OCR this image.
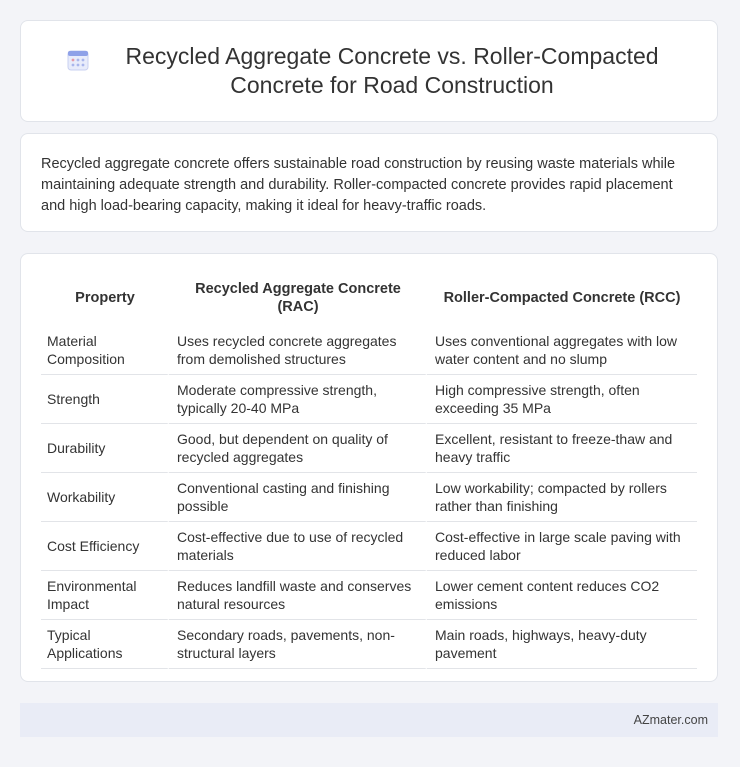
Recycled Aggregate Concrete vs. Roller-Compacted Concrete for Road Construction

Recycled aggregate concrete offers sustainable road construction by reusing waste materials while maintaining adequate strength and durability. Roller-compacted concrete provides rapid placement and high load-bearing capacity, making it ideal for heavy-traffic roads.

Property	Recycled Aggregate Concrete (RAC)	Roller-Compacted Concrete (RCC)
Material Composition	Uses recycled concrete aggregates from demolished structures	Uses conventional aggregates with low water content and no slump
Strength	Moderate compressive strength, typically 20-40 MPa	High compressive strength, often exceeding 35 MPa
Durability	Good, but dependent on quality of recycled aggregates	Excellent, resistant to freeze-thaw and heavy traffic
Workability	Conventional casting and finishing possible	Low workability; compacted by rollers rather than finishing
Cost Efficiency	Cost-effective due to use of recycled materials	Cost-effective in large scale paving with reduced labor
Environmental Impact	Reduces landfill waste and conserves natural resources	Lower cement content reduces CO2 emissions
Typical Applications	Secondary roads, pavements, non-structural layers	Main roads, highways, heavy-duty pavement
AZmater.com
